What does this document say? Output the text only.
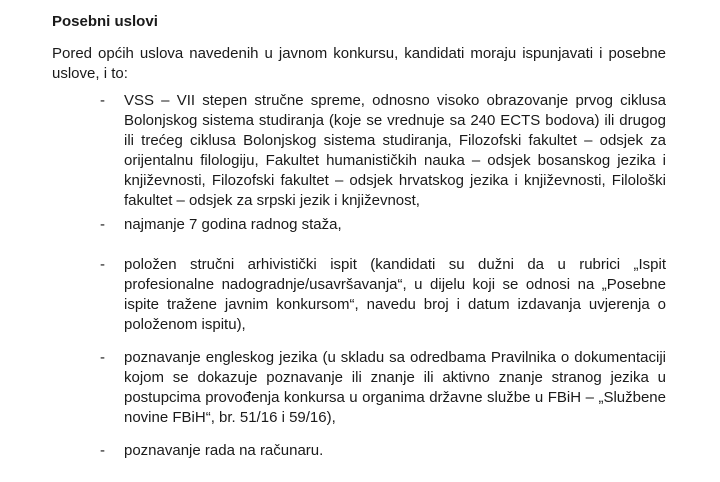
Posebni uslovi

Pored općih uslova navedenih u javnom konkursu, kandidati moraju ispunjavati i posebne uslove, i to:

- VSS – VII stepen stručne spreme, odnosno visoko obrazovanje prvog ciklusa Bolonjskog sistema studiranja (koje se vrednuje sa 240 ECTS bodova) ili drugog ili trećeg ciklusa Bolonjskog sistema studiranja, Filozofski fakultet – odsjek za orijentalnu filologiju, Fakultet humanističkih nauka – odsjek bosanskog jezika i književnosti, Filozofski fakultet – odsjek hrvatskog jezika i književnosti, Filološki fakultet – odsjek za srpski jezik i književnost,
- najmanje 7 godina radnog staža,
- položen stručni arhivistički ispit (kandidati su dužni da u rubrici „Ispit profesionalne nadogradnje/usavršavanja“, u dijelu koji se odnosi na „Posebne ispite tražene javnim konkursom“, navedu broj i datum izdavanja uvjerenja o položenom ispitu),
- poznavanje engleskog jezika (u skladu sa odredbama Pravilnika o dokumentaciji kojom se dokazuje poznavanje ili znanje ili aktivno znanje stranog jezika u postupcima provođenja konkursa u organima državne službe u FBiH – „Službene novine FBiH“, br. 51/16 i 59/16),
- poznavanje rada na računaru.
